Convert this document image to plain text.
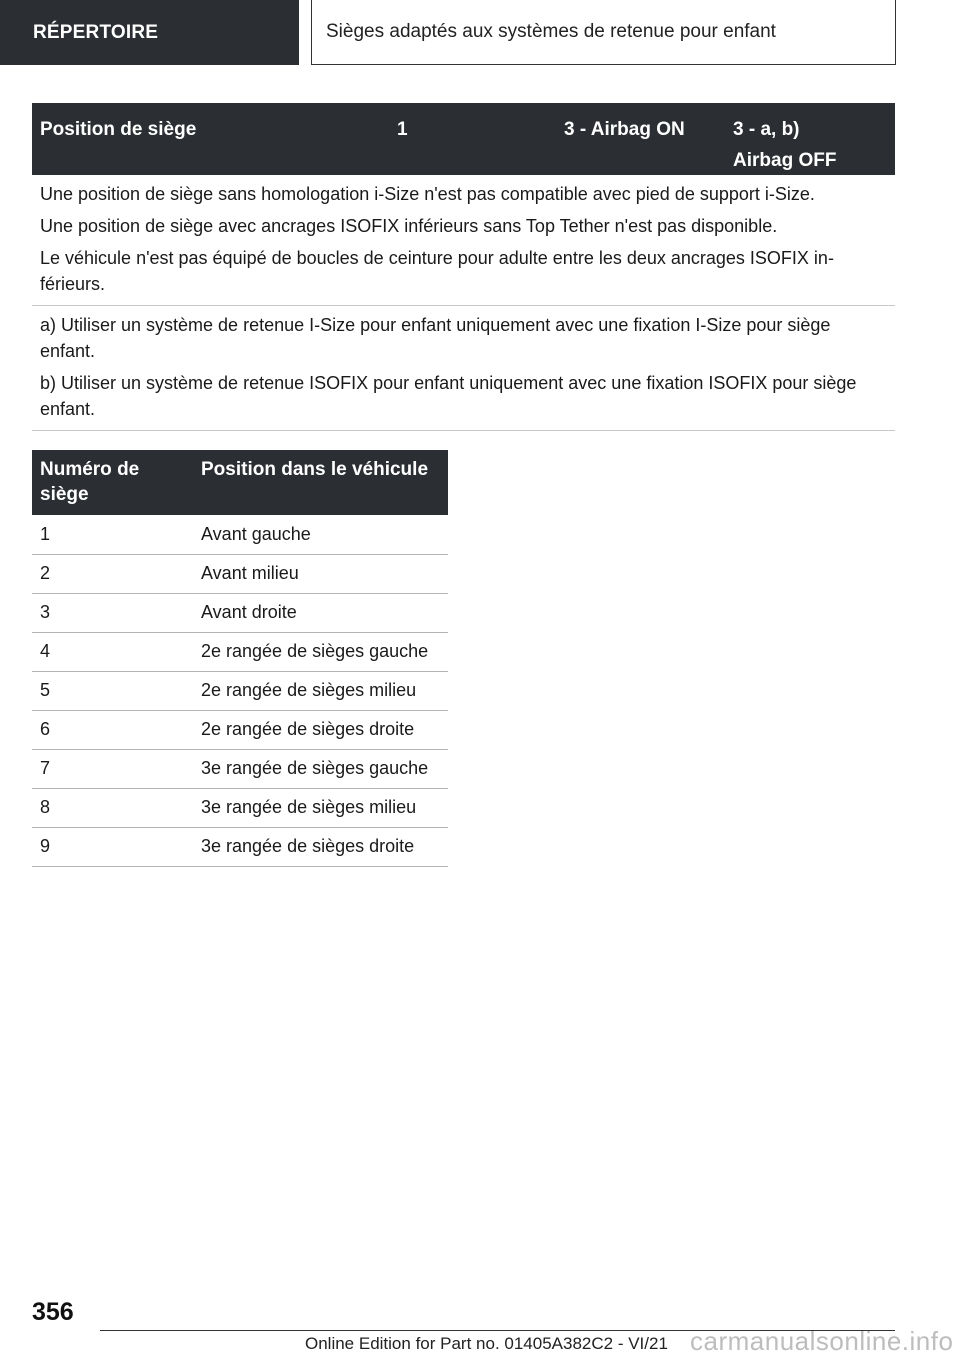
RÉPERTOIRE	Sièges adaptés aux systèmes de retenue pour enfant
Position de siège	1	3 - Airbag ON	3 - a, b)
Airbag OFF

Une position de siège sans homologation i-Size n'est pas compatible avec pied de support i-Size.

Une position de siège avec ancrages ISOFIX inférieurs sans Top Tether n'est pas disponible.

Le véhicule n'est pas équipé de boucles de ceinture pour adulte entre les deux ancrages ISOFIX in-férieurs.

a) Utiliser un système de retenue I-Size pour enfant uniquement avec une fixation I-Size pour siège enfant.

b) Utiliser un système de retenue ISOFIX pour enfant uniquement avec une fixation ISOFIX pour siège enfant.

Numéro de siège	Position dans le véhicule
1	Avant gauche
2	Avant milieu
3	Avant droite
4	2e rangée de sièges gauche
5	2e rangée de sièges milieu
6	2e rangée de sièges droite
7	3e rangée de sièges gauche
8	3e rangée de sièges milieu
9	3e rangée de sièges droite
356
Online Edition for Part no. 01405A382C2 - VI/21 carmanualsonline.info
